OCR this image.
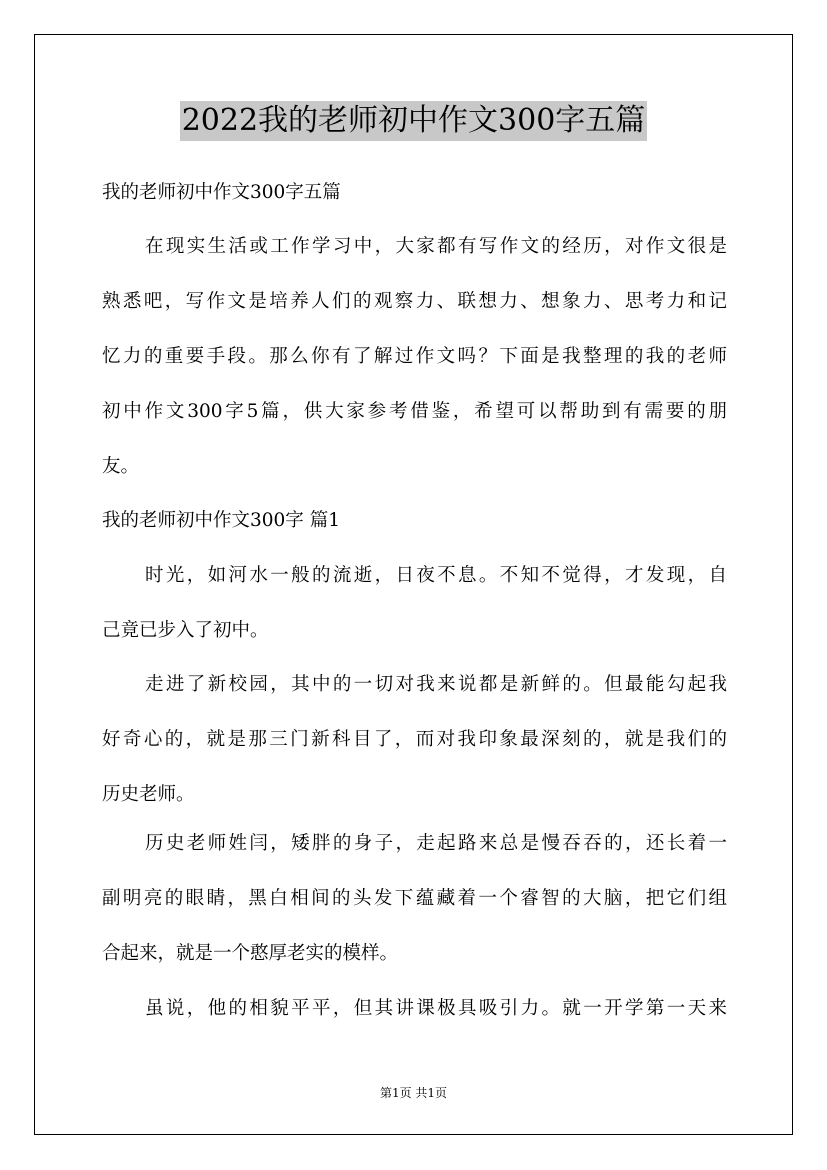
2022我的老师初中作文300字五篇
我的老师初中作文300字五篇
在现实生活或工作学习中，大家都有写作文的经历，对作文很是
熟悉吧，写作文是培养人们的观察力、联想力、想象力、思考力和记
忆力的重要手段。那么你有了解过作文吗？下面是我整理的我的老师
初中作文300字5篇，供大家参考借鉴，希望可以帮助到有需要的朋
友。
我的老师初中作文300字 篇1
时光，如河水一般的流逝，日夜不息。不知不觉得，才发现，自
己竟已步入了初中。
走进了新校园，其中的一切对我来说都是新鲜的。但最能勾起我
好奇心的，就是那三门新科目了，而对我印象最深刻的，就是我们的
历史老师。
历史老师姓闫，矮胖的身子，走起路来总是慢吞吞的，还长着一
副明亮的眼睛，黑白相间的头发下蕴藏着一个睿智的大脑，把它们组
合起来，就是一个憨厚老实的模样。
虽说，他的相貌平平，但其讲课极具吸引力。就一开学第一天来
第1页 共1页
